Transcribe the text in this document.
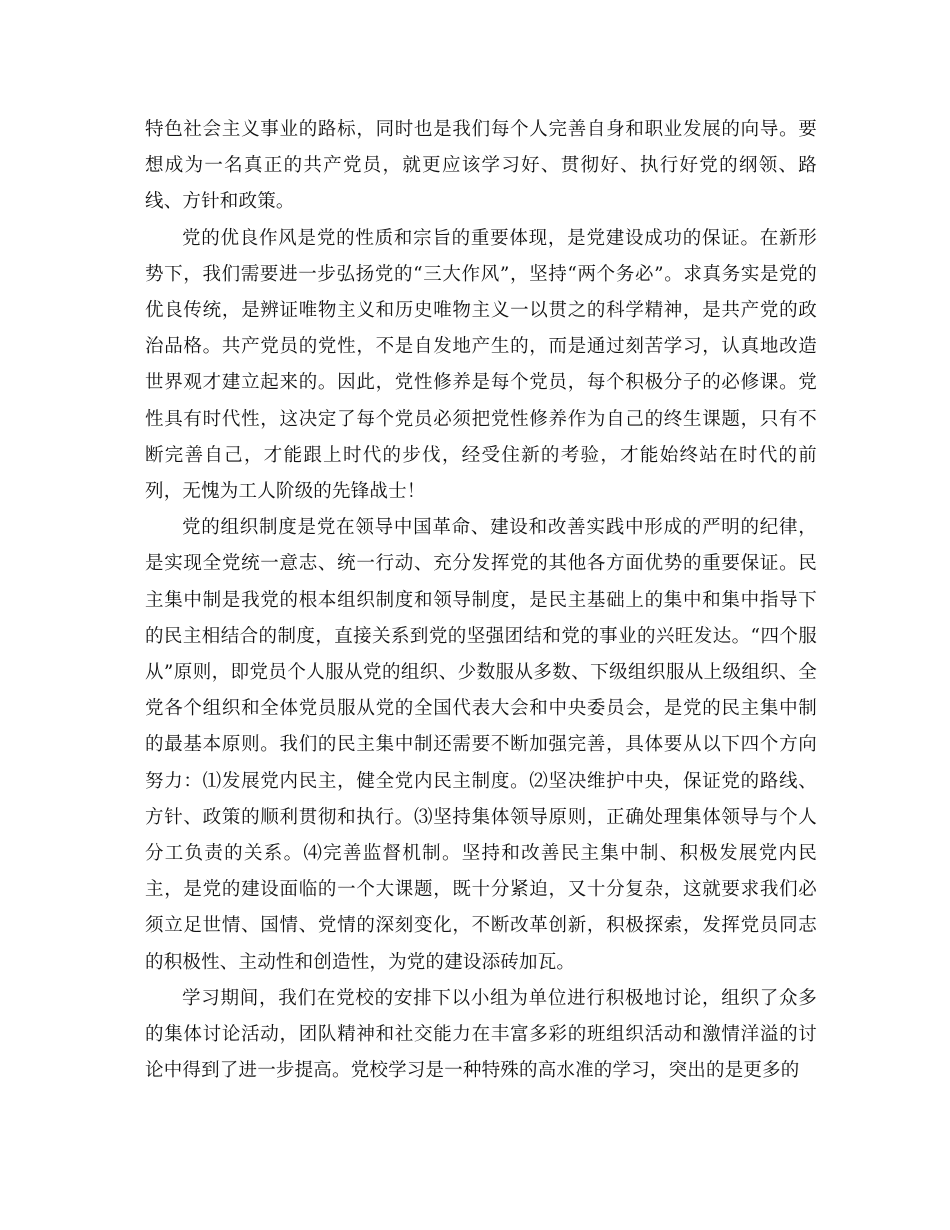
特色社会主义事业的路标，同时也是我们每个人完善自身和职业发展的向导。要想成为一名真正的共产党员，就更应该学习好、贯彻好、执行好党的纲领、路线、方针和政策。

党的优良作风是党的性质和宗旨的重要体现，是党建设成功的保证。在新形势下，我们需要进一步弘扬党的“三大作风”，坚持“两个务必”。求真务实是党的优良传统，是辨证唯物主义和历史唯物主义一以贯之的科学精神，是共产党的政治品格。共产党员的党性，不是自发地产生的，而是通过刻苦学习，认真地改造世界观才建立起来的。因此，党性修养是每个党员，每个积极分子的必修课。党性具有时代性，这决定了每个党员必须把党性修养作为自己的终生课题，只有不断完善自己，才能跟上时代的步伐，经受住新的考验，才能始终站在时代的前列，无愧为工人阶级的先锋战士！

党的组织制度是党在领导中国革命、建设和改善实践中形成的严明的纪律，是实现全党统一意志、统一行动、充分发挥党的其他各方面优势的重要保证。民主集中制是我党的根本组织制度和领导制度，是民主基础上的集中和集中指导下的民主相结合的制度，直接关系到党的坚强团结和党的事业的兴旺发达。“四个服从”原则，即党员个人服从党的组织、少数服从多数、下级组织服从上级组织、全党各个组织和全体党员服从党的全国代表大会和中央委员会，是党的民主集中制的最基本原则。我们的民主集中制还需要不断加强完善，具体要从以下四个方向努力：⑴发展党内民主，健全党内民主制度。⑵坚决维护中央，保证党的路线、方针、政策的顺利贯彻和执行。⑶坚持集体领导原则，正确处理集体领导与个人分工负责的关系。⑷完善监督机制。坚持和改善民主集中制、积极发展党内民主，是党的建设面临的一个大课题，既十分紧迫，又十分复杂，这就要求我们必须立足世情、国情、党情的深刻变化，不断改革创新，积极探索，发挥党员同志的积极性、主动性和创造性，为党的建设添砖加瓦。

学习期间，我们在党校的安排下以小组为单位进行积极地讨论，组织了众多的集体讨论活动，团队精神和社交能力在丰富多彩的班组织活动和激情洋溢的讨论中得到了进一步提高。党校学习是一种特殊的高水准的学习，突出的是更多的
